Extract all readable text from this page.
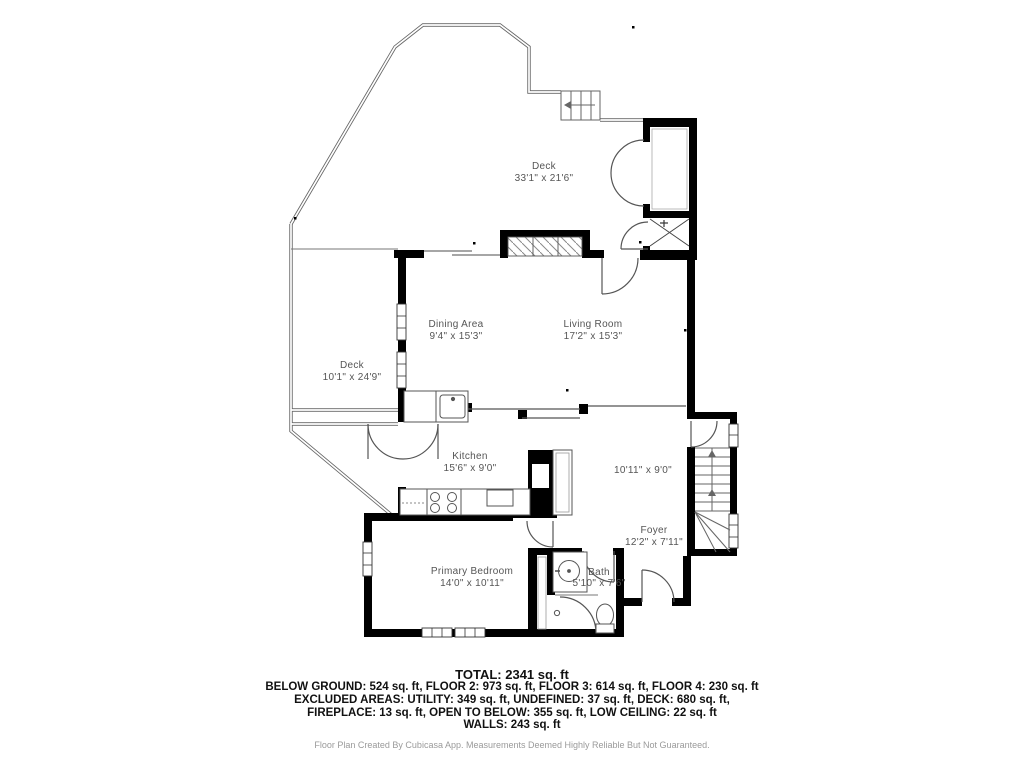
Deck
33'1" x 21'6"
Deck
10'1" x 24'9"
Dining Area
9'4" x 15'3"
Living Room
17'2" x 15'3"
Kitchen
15'6" x 9'0"	10'11" x 9'0"
Foyer
12'2" x 7'11"
Primary Bedroom
14'0" x 10'11"
Bath
5'10" x 7'6"
TOTAL: 2341 sq. ft
BELOW GROUND: 524 sq. ft, FLOOR 2: 973 sq. ft, FLOOR 3: 614 sq. ft, FLOOR 4: 230 sq. ft
EXCLUDED AREAS: UTILITY: 349 sq. ft, UNDEFINED: 37 sq. ft, DECK: 680 sq. ft,
FIREPLACE: 13 sq. ft, OPEN TO BELOW: 355 sq. ft, LOW CEILING: 22 sq. ft
WALLS: 243 sq. ft
Floor Plan Created By Cubicasa App. Measurements Deemed Highly Reliable But Not Guaranteed.
